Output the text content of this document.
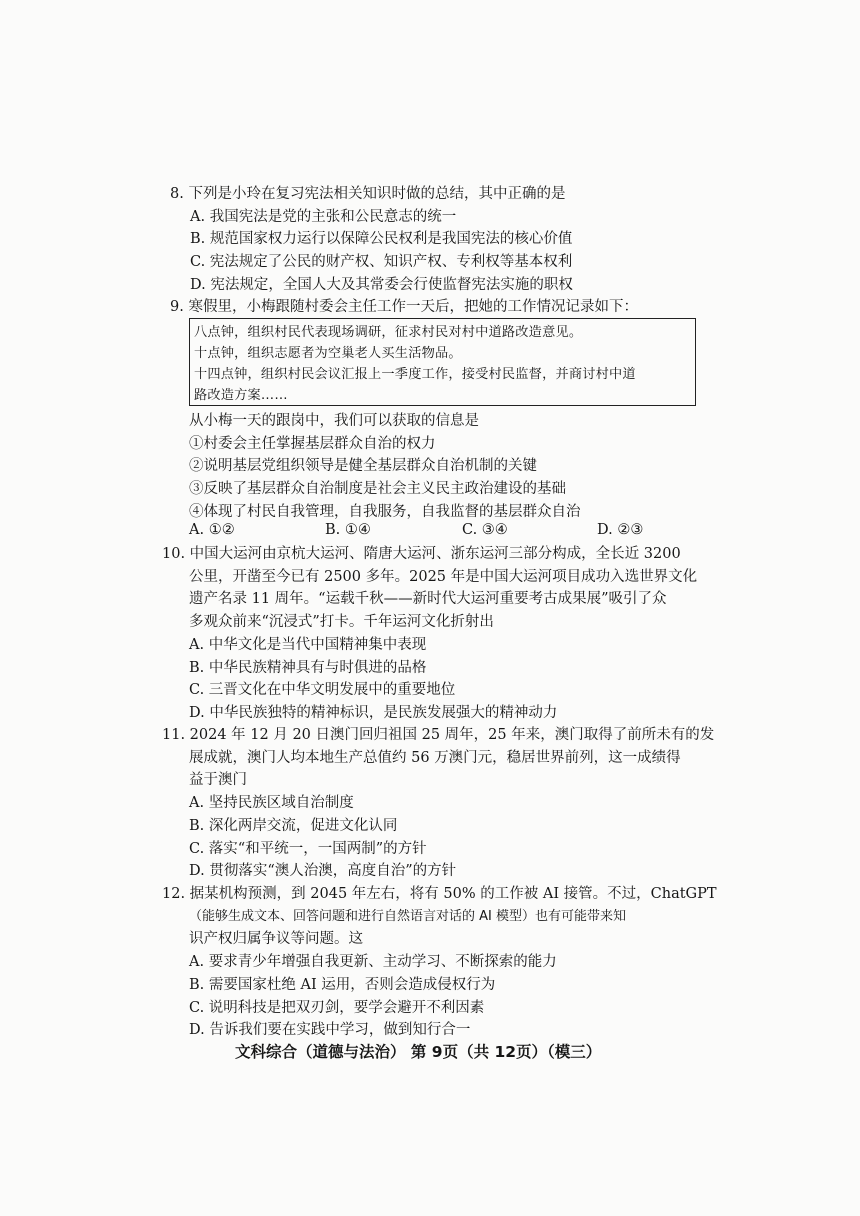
8. 下列是小玲在复习宪法相关知识时做的总结，其中正确的是
A. 我国宪法是党的主张和公民意志的统一
B. 规范国家权力运行以保障公民权利是我国宪法的核心价值
C. 宪法规定了公民的财产权、知识产权、专利权等基本权利
D. 宪法规定，全国人大及其常委会行使监督宪法实施的职权
9. 寒假里，小梅跟随村委会主任工作一天后，把她的工作情况记录如下：
八点钟，组织村民代表现场调研，征求村民对村中道路改造意见。
十点钟，组织志愿者为空巢老人买生活物品。
十四点钟，组织村民会议汇报上一季度工作，接受村民监督，并商讨村中道
路改造方案……
从小梅一天的跟岗中，我们可以获取的信息是
①村委会主任掌握基层群众自治的权力
②说明基层党组织领导是健全基层群众自治机制的关键
③反映了基层群众自治制度是社会主义民主政治建设的基础
④体现了村民自我管理，自我服务，自我监督的基层群众自治
A. ①②	B. ①④	C. ③④	D. ②③
10. 中国大运河由京杭大运河、隋唐大运河、浙东运河三部分构成，全长近 3200
公里，开凿至今已有 2500 多年。2025 年是中国大运河项目成功入选世界文化
遗产名录 11 周年。“运载千秋——新时代大运河重要考古成果展”吸引了众
多观众前来“沉浸式”打卡。千年运河文化折射出
A. 中华文化是当代中国精神集中表现
B. 中华民族精神具有与时俱进的品格
C. 三晋文化在中华文明发展中的重要地位
D. 中华民族独特的精神标识，是民族发展强大的精神动力
11. 2024 年 12 月 20 日澳门回归祖国 25 周年，25 年来，澳门取得了前所未有的发
展成就，澳门人均本地生产总值约 56 万澳门元，稳居世界前列，这一成绩得
益于澳门
A. 坚持民族区域自治制度
B. 深化两岸交流，促进文化认同
C. 落实“和平统一，一国两制”的方针
D. 贯彻落实“澳人治澳，高度自治”的方针
12. 据某机构预测，到 2045 年左右，将有 50% 的工作被 AI 接管。不过，ChatGPT
（能够生成文本、回答问题和进行自然语言对话的 AI 模型）也有可能带来知
识产权归属争议等问题。这
A. 要求青少年增强自我更新、主动学习、不断探索的能力
B. 需要国家杜绝 AI 运用，否则会造成侵权行为
C. 说明科技是把双刃剑，要学会避开不利因素
D. 告诉我们要在实践中学习，做到知行合一
文科综合（道德与法治） 第 9页（共 12页）（模三）
